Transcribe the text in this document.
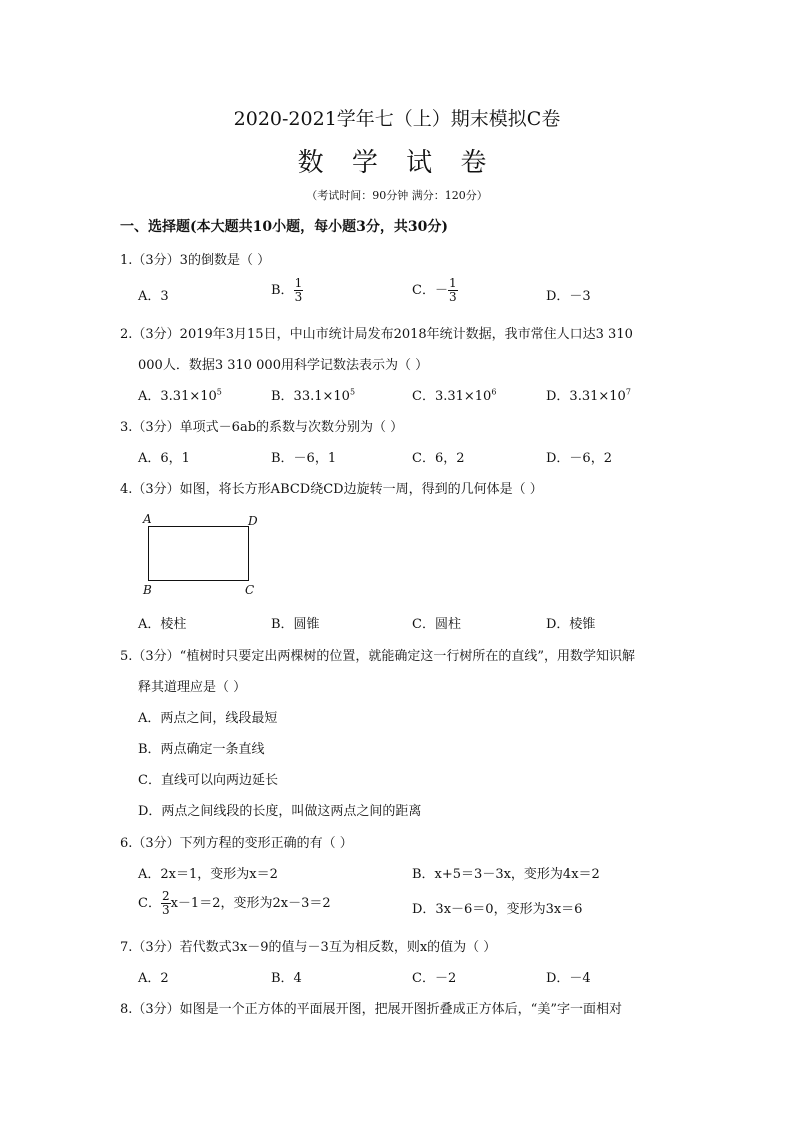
2020-2021学年七（上）期末模拟C卷
数 学 试 卷
（考试时间：90分钟 满分：120分）
一、选择题(本大题共10小题，每小题3分，共30分)
1.（3分）3的倒数是（ ）
A．3	B． $\frac{1}{3}$	C．－ $\frac{1}{3}$	D．－3
2.（3分）2019年3月15日，中山市统计局发布2018年统计数据，我市常住人口达3 310
000人．数据3 310 000用科学记数法表示为（ ）
A．$3.31\times 10^5$	B．$33.1\times 10^5$	C．$3.31\times 10^6$	D．$3.31\times 10^7$
3.（3分）单项式－6ab的系数与次数分别为（ ）
A．6，1	B．－6，1	C．6，2	D．－6，2
4.（3分）如图，将长方形ABCD绕CD边旋转一周，得到的几何体是（ ）
A	D
B	C
A．棱柱	B．圆锥	C．圆柱	D．棱锥
5.（3分）“植树时只要定出两棵树的位置，就能确定这一行树所在的直线”，用数学知识解
释其道理应是（ ）
A．两点之间，线段最短
B．两点确定一条直线
C．直线可以向两边延长
D．两点之间线段的长度，叫做这两点之间的距离
6.（3分）下列方程的变形正确的有（ ）
A．2x＝1，变形为x＝2	B．x+5＝3－3x，变形为4x＝2
C． $\frac{2}{3} x-1=2$，变形为2x－3＝2	D．3x－6＝0，变形为3x＝6
7.（3分）若代数式3x－9的值与－3互为相反数，则x的值为（ ）
A．2	B．4	C．－2	D．－4
8.（3分）如图是一个正方体的平面展开图，把展开图折叠成正方体后，“美”字一面相对
